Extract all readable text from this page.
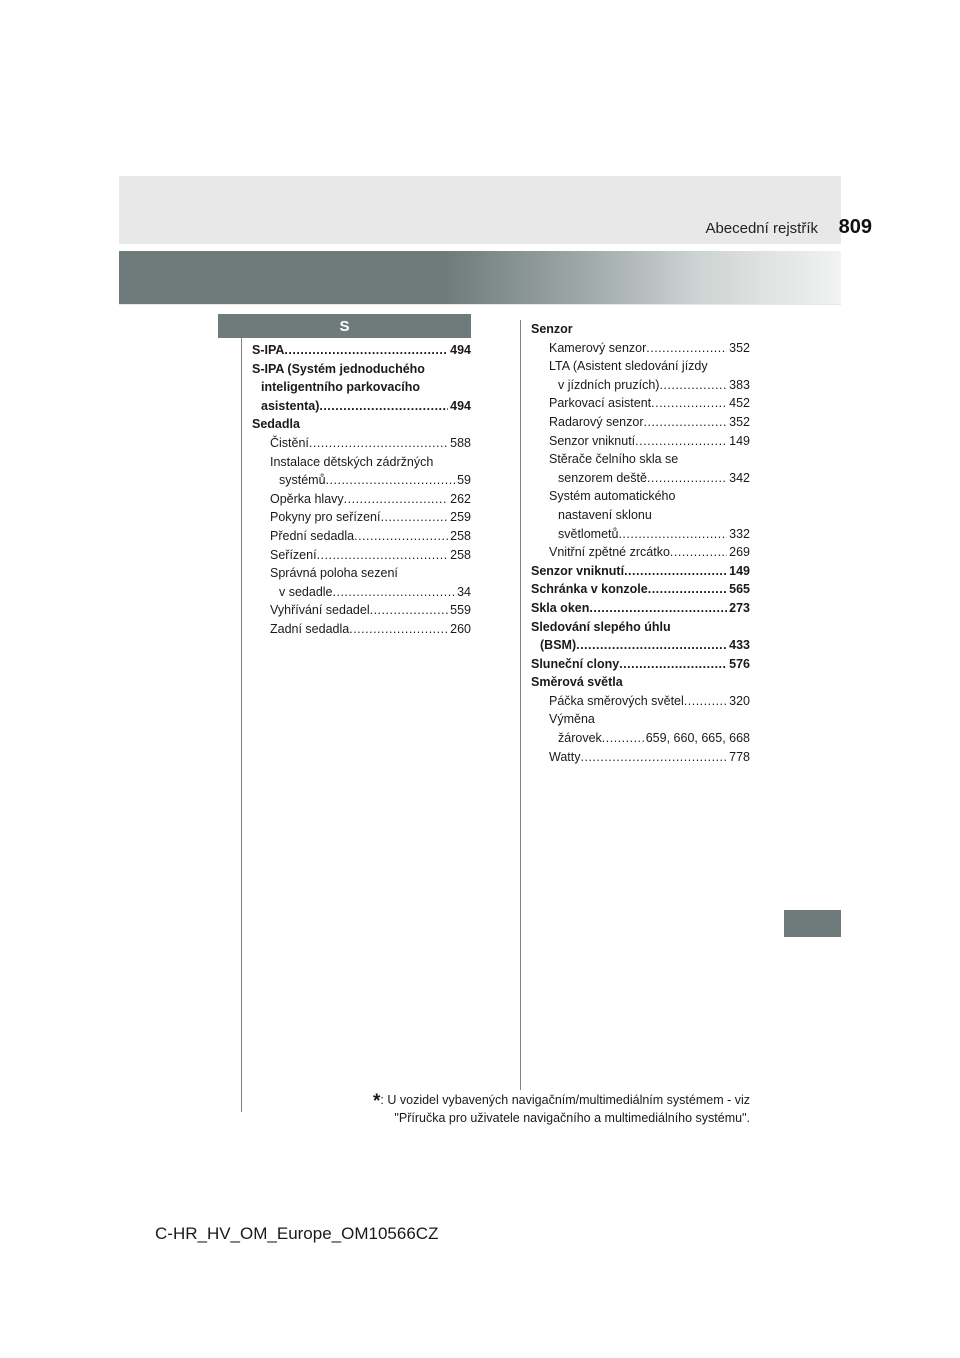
Abecední rejstřík 809
S
S-IPA .....	494
S-IPA (Systém jednoduchého
inteligentního parkovacího
asistenta) .....	494
Sedadla
Čistění .....	588
Instalace dětských zádržných
systémů .....	59
Opěrka hlavy .....	262
Pokyny pro seřízení .....	259
Přední sedadla .....	258
Seřízení .....	258
Správná poloha sezení
v sedadle .....	34
Vyhřívání sedadel .....	559
Zadní sedadla .....	260
Senzor
Kamerový senzor .....	352
LTA (Asistent sledování jízdy
v jízdních pruzích) .....	383
Parkovací asistent .....	452
Radarový senzor .....	352
Senzor vniknutí .....	149
Stěrače čelního skla se
senzorem deště .....	342
Systém automatického
nastavení sklonu
světlometů .....	332
Vnitřní zpětné zrcátko .....	269
Senzor vniknutí .....	149
Schránka v konzole .....	565
Skla oken .....	273
Sledování slepého úhlu
(BSM) .....	433
Sluneční clony .....	576
Směrová světla
Páčka směrových světel .....	320
Výměna
žárovek .....	659, 660, 665, 668
Watty .....	778
*: U vozidel vybavených navigačním/multimediálním systémem - viz
"Příručka pro uživatele navigačního a multimediálního systému".
C-HR_HV_OM_Europe_OM10566CZ
